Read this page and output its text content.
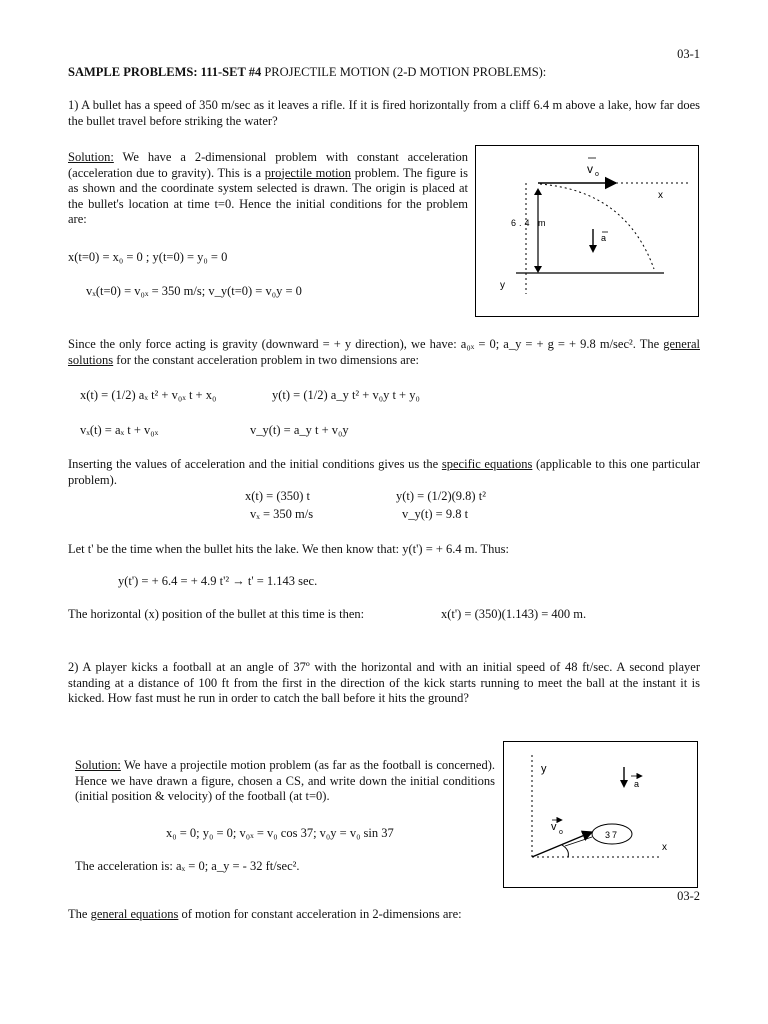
03-1
SAMPLE PROBLEMS: 111-SET #4 PROJECTILE MOTION (2-D MOTION PROBLEMS):
1) A bullet has a speed of 350 m/sec as it leaves a rifle. If it is fired horizontally from a cliff 6.4 m above a lake, how far does the bullet travel before striking the water?
Solution: We have a 2-dimensional problem with constant acceleration (acceleration due to gravity). This is a projectile motion problem. The figure is as shown and the coordinate system selected is drawn. The origin is placed at the bullet's location at time t=0. Hence the initial conditions for the problem are:
x(t=0) = x₀ = 0 ; y(t=0) = y₀ = 0
vₓ(t=0) = v₀ₓ = 350 m/s; v_y(t=0) = v₀y = 0
v o
x
y
6.4 m
a
Since the only force acting is gravity (downward = + y direction), we have: a₀ₓ = 0; a_y = + g = + 9.8 m/sec². The general solutions for the constant acceleration problem in two dimensions are:
x(t) = (1/2) aₓ t² + v₀ₓ t + x₀	y(t) = (1/2) a_y t² + v₀y t + y₀
vₓ(t) = aₓ t + v₀ₓ	v_y(t) = a_y t + v₀y
Inserting the values of acceleration and the initial conditions gives us the specific equations (applicable to this one particular problem).
x(t) = (350) t	y(t) = (1/2)(9.8) t²
vₓ = 350 m/s	v_y(t) = 9.8 t
Let t' be the time when the bullet hits the lake. We then know that: y(t') = + 6.4 m. Thus:
y(t') = + 6.4 = + 4.9 t'² → t' = 1.143 sec.
The horizontal (x) position of the bullet at this time is then:	x(t') = (350)(1.143) = 400 m.
2) A player kicks a football at an angle of 37º with the horizontal and with an initial speed of 48 ft/sec. A second player standing at a distance of 100 ft from the first in the direction of the kick starts running to meet the ball at the instant it is kicked. How fast must he run in order to catch the ball before it hits the ground?
Solution: We have a projectile motion problem (as far as the football is concerned). Hence we have drawn a figure, chosen a CS, and write down the initial conditions (initial position & velocity) of the football (at t=0).
x₀ = 0; y₀ = 0; v₀ₓ = v₀ cos 37; v₀y = v₀ sin 37
The acceleration is: aₓ = 0; a_y = - 32 ft/sec².
37
a
y
x
v o
03-2
The general equations of motion for constant acceleration in 2-dimensions are:
